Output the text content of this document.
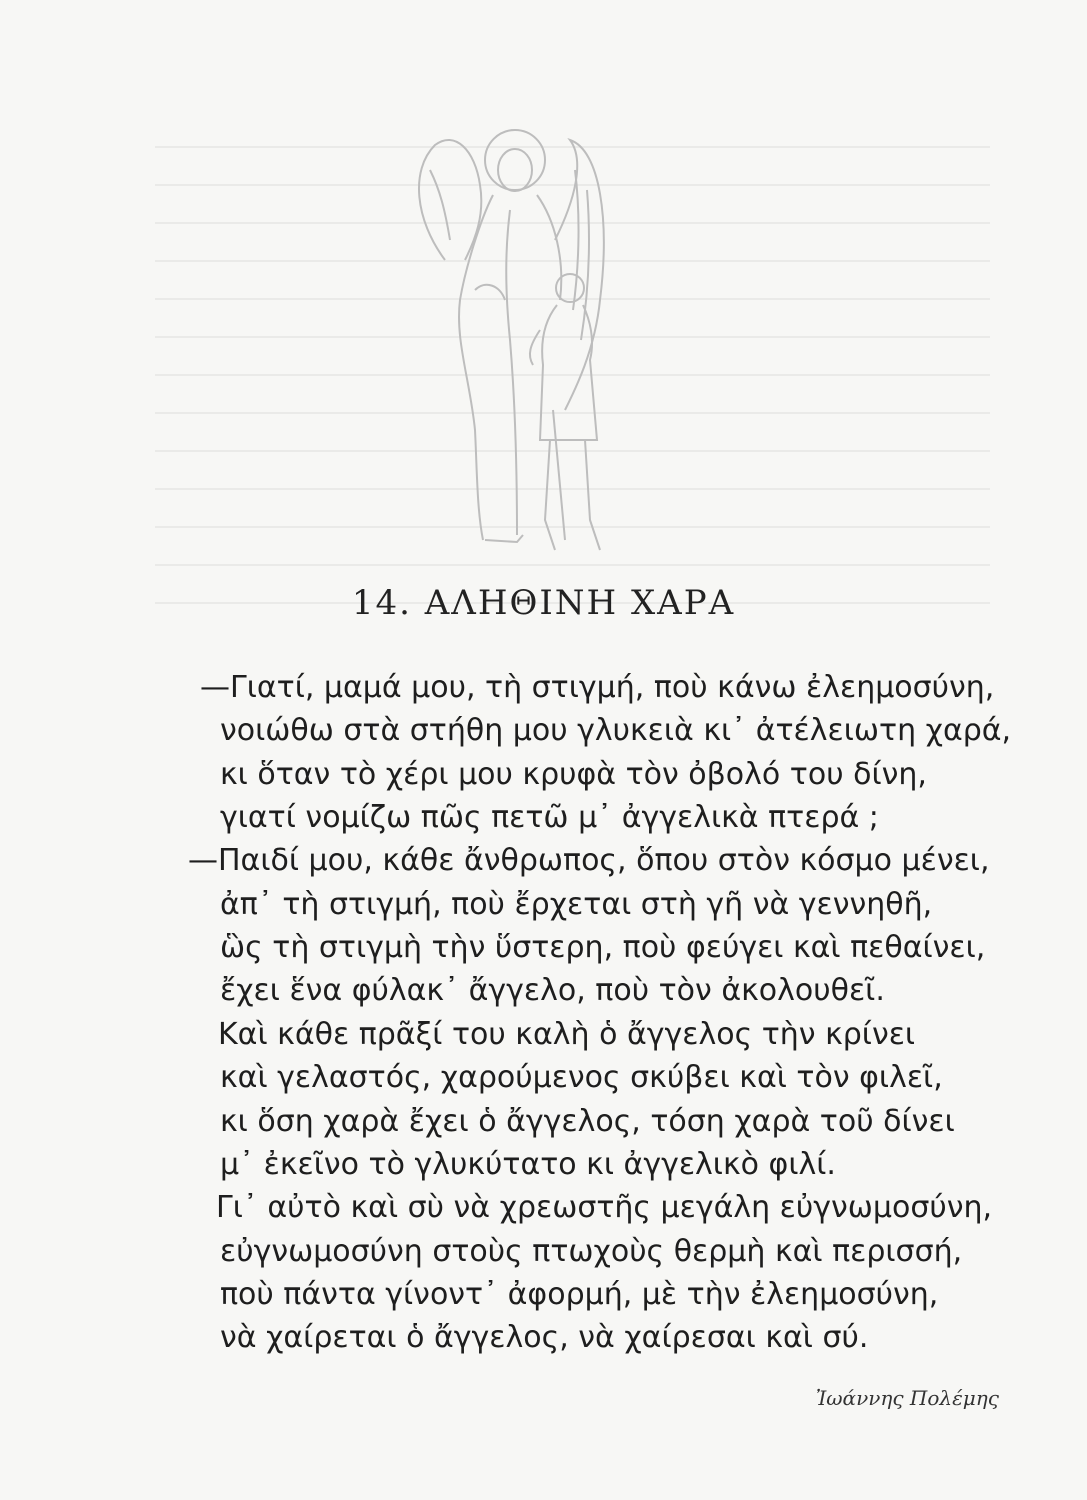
14. ΑΛΗΘΙΝΗ ΧΑΡΑ
—Γιατί, μαμά μου, τὴ στιγμή, ποὺ κάνω ἐλεημοσύνη,
νοιώθω στὰ στήθη μου γλυκειὰ κι᾿ ἀτέλειωτη χαρά,
κι ὅταν τὸ χέρι μου κρυφὰ τὸν ὀβολό του δίνη,
γιατί νομίζω πῶς πετῶ μ᾿ ἀγγελικὰ πτερά ;
—Παιδί μου, κάθε ἄνθρωπος, ὅπου στὸν κόσμο μένει,
ἀπ᾿ τὴ στιγμή, ποὺ ἔρχεται στὴ γῆ νὰ γεννηθῆ,
ὣς τὴ στιγμὴ τὴν ὕστερη, ποὺ φεύγει καὶ πεθαίνει,
ἔχει ἕνα φύλακ᾿ ἄγγελο, ποὺ τὸν ἀκολουθεῖ.
Καὶ κάθε πρᾶξί του καλὴ ὁ ἄγγελος τὴν κρίνει
καὶ γελαστός, χαρούμενος σκύβει καὶ τὸν φιλεῖ,
κι ὅση χαρὰ ἔχει ὁ ἄγγελος, τόση χαρὰ τοῦ δίνει
μ᾿ ἐκεῖνο τὸ γλυκύτατο κι ἀγγελικὸ φιλί.
Γι᾿ αὐτὸ καὶ σὺ νὰ χρεωστῆς μεγάλη εὐγνωμοσύνη,
εὐγνωμοσύνη στοὺς πτωχοὺς θερμὴ καὶ περισσή,
ποὺ πάντα γίνοντ᾿ ἀφορμή, μὲ τὴν ἐλεημοσύνη,
νὰ χαίρεται ὁ ἄγγελος, νὰ χαίρεσαι καὶ σύ.
Ἰωάννης Πολέμης
